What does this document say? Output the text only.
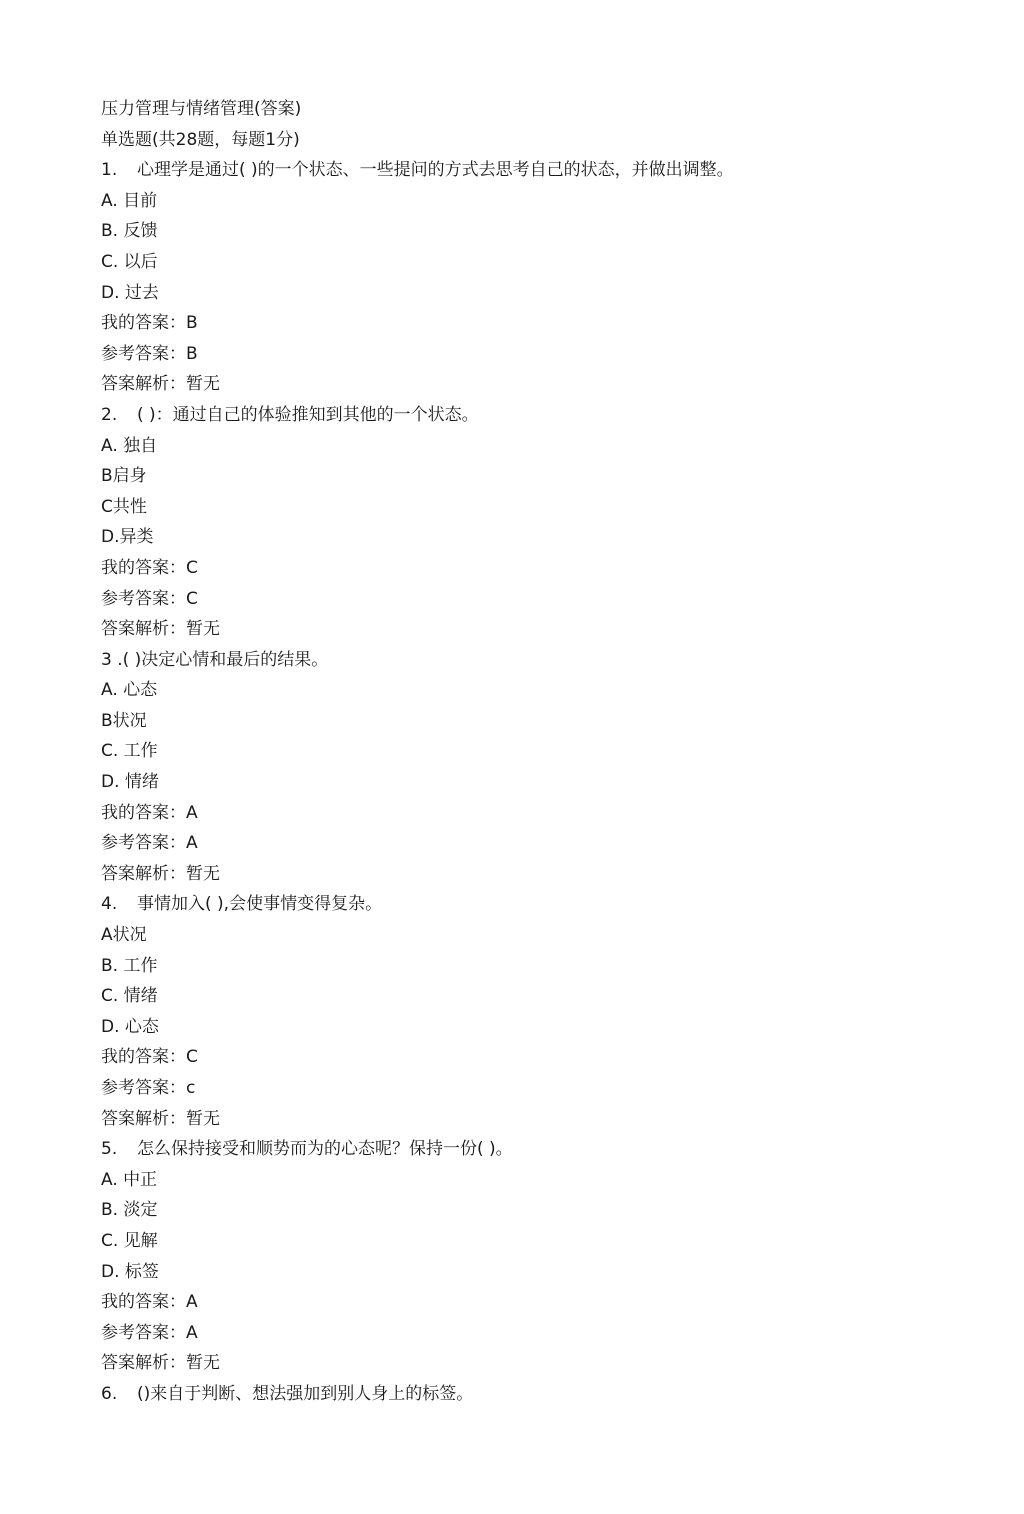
压力管理与情绪管理(答案)
单选题(共28题，每题1分)
1. 心理学是通过( )的一个状态、一些提问的方式去思考自己的状态，并做出调整。
A. 目前
B. 反馈
C. 以后
D. 过去
我的答案：B
参考答案：B
答案解析：暂无
2. ( )：通过自己的体验推知到其他的一个状态。
A. 独自
B启身
C共性
D.异类
我的答案：C
参考答案：C
答案解析：暂无
3 .( )决定心情和最后的结果。
A. 心态
B状况
C. 工作
D. 情绪
我的答案：A
参考答案：A
答案解析：暂无
4. 事情加入( ),会使事情变得复杂。
A状况
B. 工作
C. 情绪
D. 心态
我的答案：C
参考答案：c
答案解析：暂无
5. 怎么保持接受和顺势而为的心态呢？保持一份( )。
A. 中正
B. 淡定
C. 见解
D. 标签
我的答案：A
参考答案：A
答案解析：暂无
6. ()来自于判断、想法强加到别人身上的标签。
